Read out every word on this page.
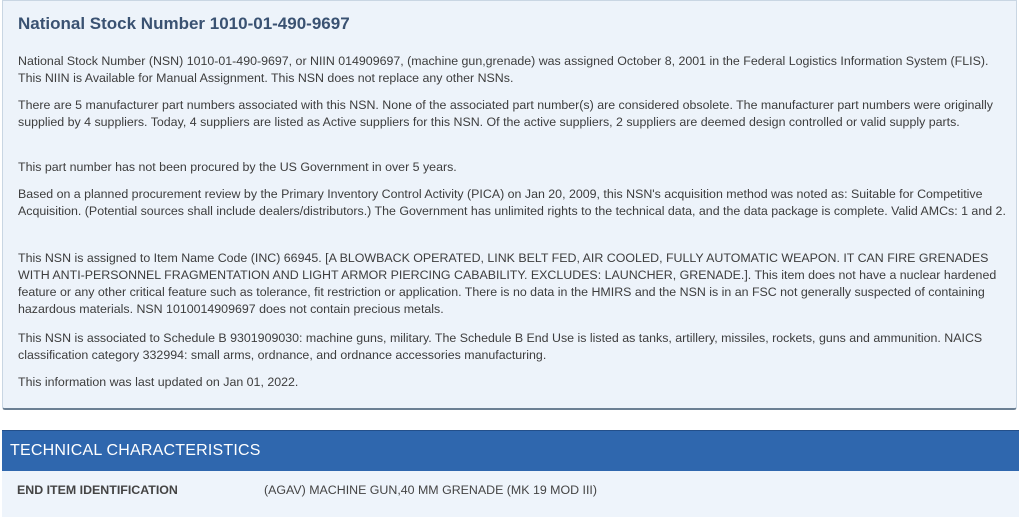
National Stock Number 1010-01-490-9697

National Stock Number (NSN) 1010-01-490-9697, or NIIN 014909697, (machine gun,grenade) was assigned October 8, 2001 in the Federal Logistics Information System (FLIS). This NIIN is Available for Manual Assignment. This NSN does not replace any other NSNs.

There are 5 manufacturer part numbers associated with this NSN. None of the associated part number(s) are considered obsolete. The manufacturer part numbers were originally supplied by 4 suppliers. Today, 4 suppliers are listed as Active suppliers for this NSN. Of the active suppliers, 2 suppliers are deemed design controlled or valid supply parts.

This part number has not been procured by the US Government in over 5 years.

Based on a planned procurement review by the Primary Inventory Control Activity (PICA) on Jan 20, 2009, this NSN's acquisition method was noted as: Suitable for Competitive Acquisition. (Potential sources shall include dealers/distributors.) The Government has unlimited rights to the technical data, and the data package is complete. Valid AMCs: 1 and 2.

This NSN is assigned to Item Name Code (INC) 66945. [A BLOWBACK OPERATED, LINK BELT FED, AIR COOLED, FULLY AUTOMATIC WEAPON. IT CAN FIRE GRENADES WITH ANTI-PERSONNEL FRAGMENTATION AND LIGHT ARMOR PIERCING CABABILITY. EXCLUDES: LAUNCHER, GRENADE.]. This item does not have a nuclear hardened feature or any other critical feature such as tolerance, fit restriction or application. There is no data in the HMIRS and the NSN is in an FSC not generally suspected of containing hazardous materials. NSN 1010014909697 does not contain precious metals.

This NSN is associated to Schedule B 9301909030: machine guns, military. The Schedule B End Use is listed as tanks, artillery, missiles, rockets, guns and ammunition. NAICS classification category 332994: small arms, ordnance, and ordnance accessories manufacturing.

This information was last updated on Jan 01, 2022.

TECHNICAL CHARACTERISTICS
END ITEM IDENTIFICATION	(AGAV) MACHINE GUN,40 MM GRENADE (MK 19 MOD III)
